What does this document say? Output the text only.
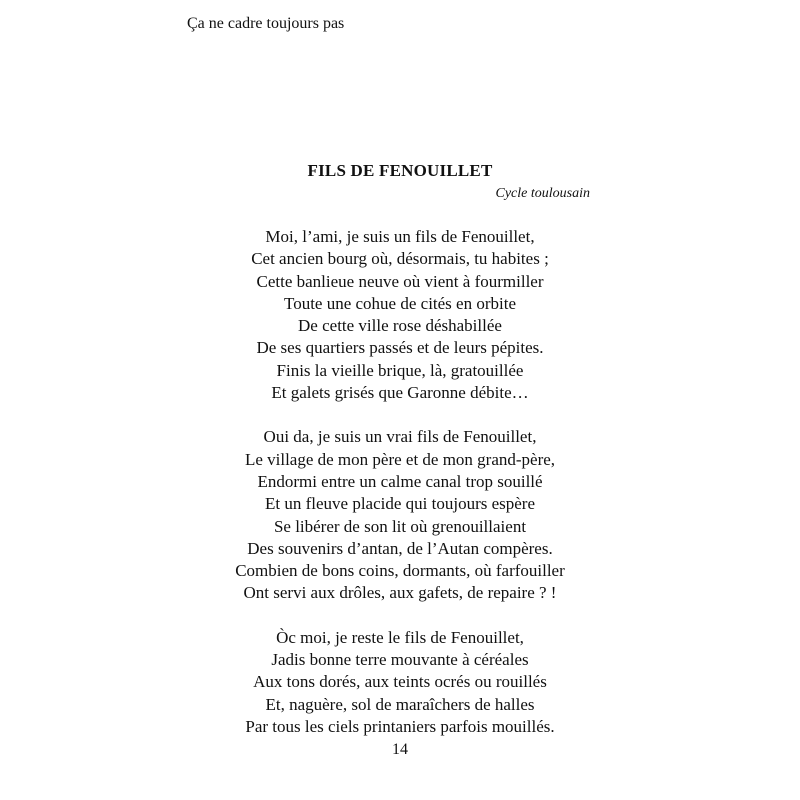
Ça ne cadre toujours pas
FILS DE FENOUILLET
Cycle toulousain
Moi, l’ami, je suis un fils de Fenouillet,
Cet ancien bourg où, désormais, tu habites ;
Cette banlieue neuve où vient à fourmiller
Toute une cohue de cités en orbite
De cette ville rose déshabillée
De ses quartiers passés et de leurs pépites.
Finis la vieille brique, là, gratouillée
Et galets grisés que Garonne débite…
Oui da, je suis un vrai fils de Fenouillet,
Le village de mon père et de mon grand-père,
Endormi entre un calme canal trop souillé
Et un fleuve placide qui toujours espère
Se libérer de son lit où grenouillaient
Des souvenirs d’antan, de l’Autan compères.
Combien de bons coins, dormants, où farfouiller
Ont servi aux drôles, aux gafets, de repaire ? !
Òc moi, je reste le fils de Fenouillet,
Jadis bonne terre mouvante à céréales
Aux tons dorés, aux teints ocrés ou rouillés
Et, naguère, sol de maraîchers de halles
Par tous les ciels printaniers parfois mouillés.
14
